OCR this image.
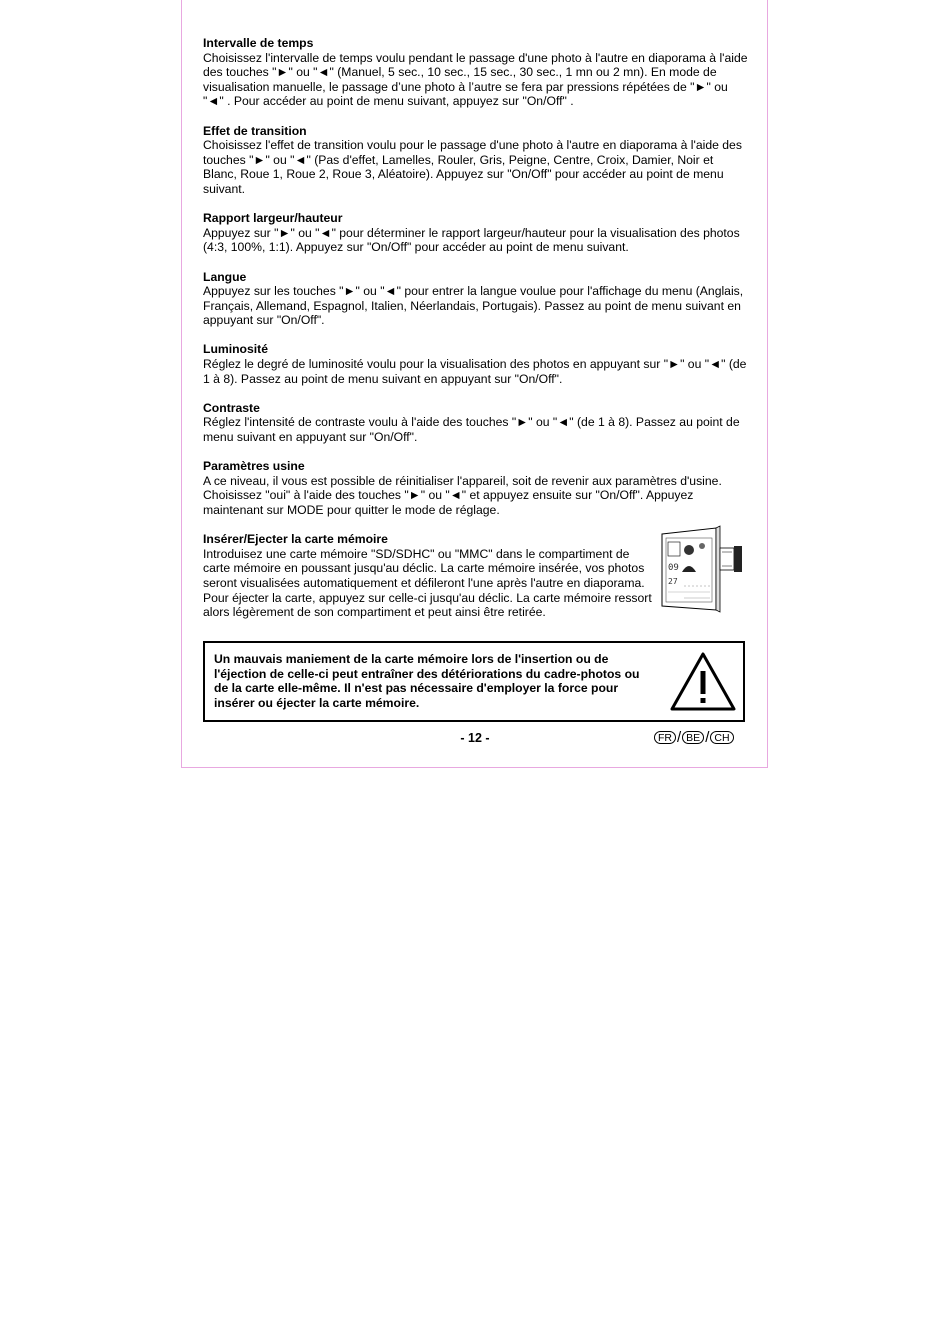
Intervalle de temps

Choisissez l'intervalle de temps voulu pendant le passage d'une photo à l'autre en diaporama à l'aide des touches "►" ou "◄" (Manuel, 5 sec., 10 sec., 15 sec., 30 sec., 1 mn ou 2 mn). En mode de visualisation manuelle, le passage d’une photo à l’autre se fera par pressions répétées de "►" ou "◄" . Pour accéder au point de menu suivant, appuyez sur "On/Off" .

Effet de transition

Choisissez l'effet de transition voulu pour le passage d'une photo à l'autre en diaporama à l'aide des touches "►" ou "◄" (Pas d'effet, Lamelles, Rouler, Gris, Peigne, Centre, Croix, Damier, Noir et Blanc, Roue 1, Roue 2, Roue 3, Aléatoire). Appuyez sur "On/Off" pour accéder au point de menu suivant.

Rapport largeur/hauteur

Appuyez sur "►" ou "◄" pour déterminer le rapport largeur/hauteur pour la visualisation des photos (4:3, 100%, 1:1). Appuyez sur "On/Off" pour accéder au point de menu suivant.

Langue

Appuyez sur les touches "►" ou "◄" pour entrer la langue voulue pour l'affichage du menu (Anglais, Français, Allemand, Espagnol, Italien, Néerlandais, Portugais). Passez au point de menu suivant en appuyant sur "On/Off".

Luminosité

Réglez le degré de luminosité voulu pour la visualisation des photos en appuyant sur "►" ou "◄" (de 1 à 8). Passez au point de menu suivant en appuyant sur "On/Off".

Contraste

Réglez l'intensité de contraste voulu à l'aide des touches "►" ou "◄" (de 1 à 8). Passez au point de menu suivant en appuyant sur "On/Off".

Paramètres usine

A ce niveau, il vous est possible de réinitialiser l'appareil, soit de revenir aux paramètres d'usine. Choisissez "oui" à l'aide des touches "►" ou "◄" et appuyez ensuite sur "On/Off". Appuyez maintenant sur MODE pour quitter le mode de réglage.

Insérer/Ejecter la carte mémoire

Introduisez une carte mémoire "SD/SDHC" ou "MMC" dans le compartiment de carte mémoire en poussant jusqu'au déclic. La carte mémoire insérée, vos photos seront visualisées automatiquement et défileront l'une après l'autre en diaporama. Pour éjecter la carte, appuyez sur celle-ci jusqu'au déclic. La carte mémoire ressort alors légèrement de son compartiment et peut ainsi être retirée.

09
27

Un mauvais maniement de la carte mémoire lors de l'insertion ou de l'éjection de celle-ci peut entraîner des détériorations du cadre-photos ou de la carte elle-même. Il n'est pas nécessaire d'employer la force pour insérer ou éjecter la carte mémoire.

- 12 -	FR / BE / CH
